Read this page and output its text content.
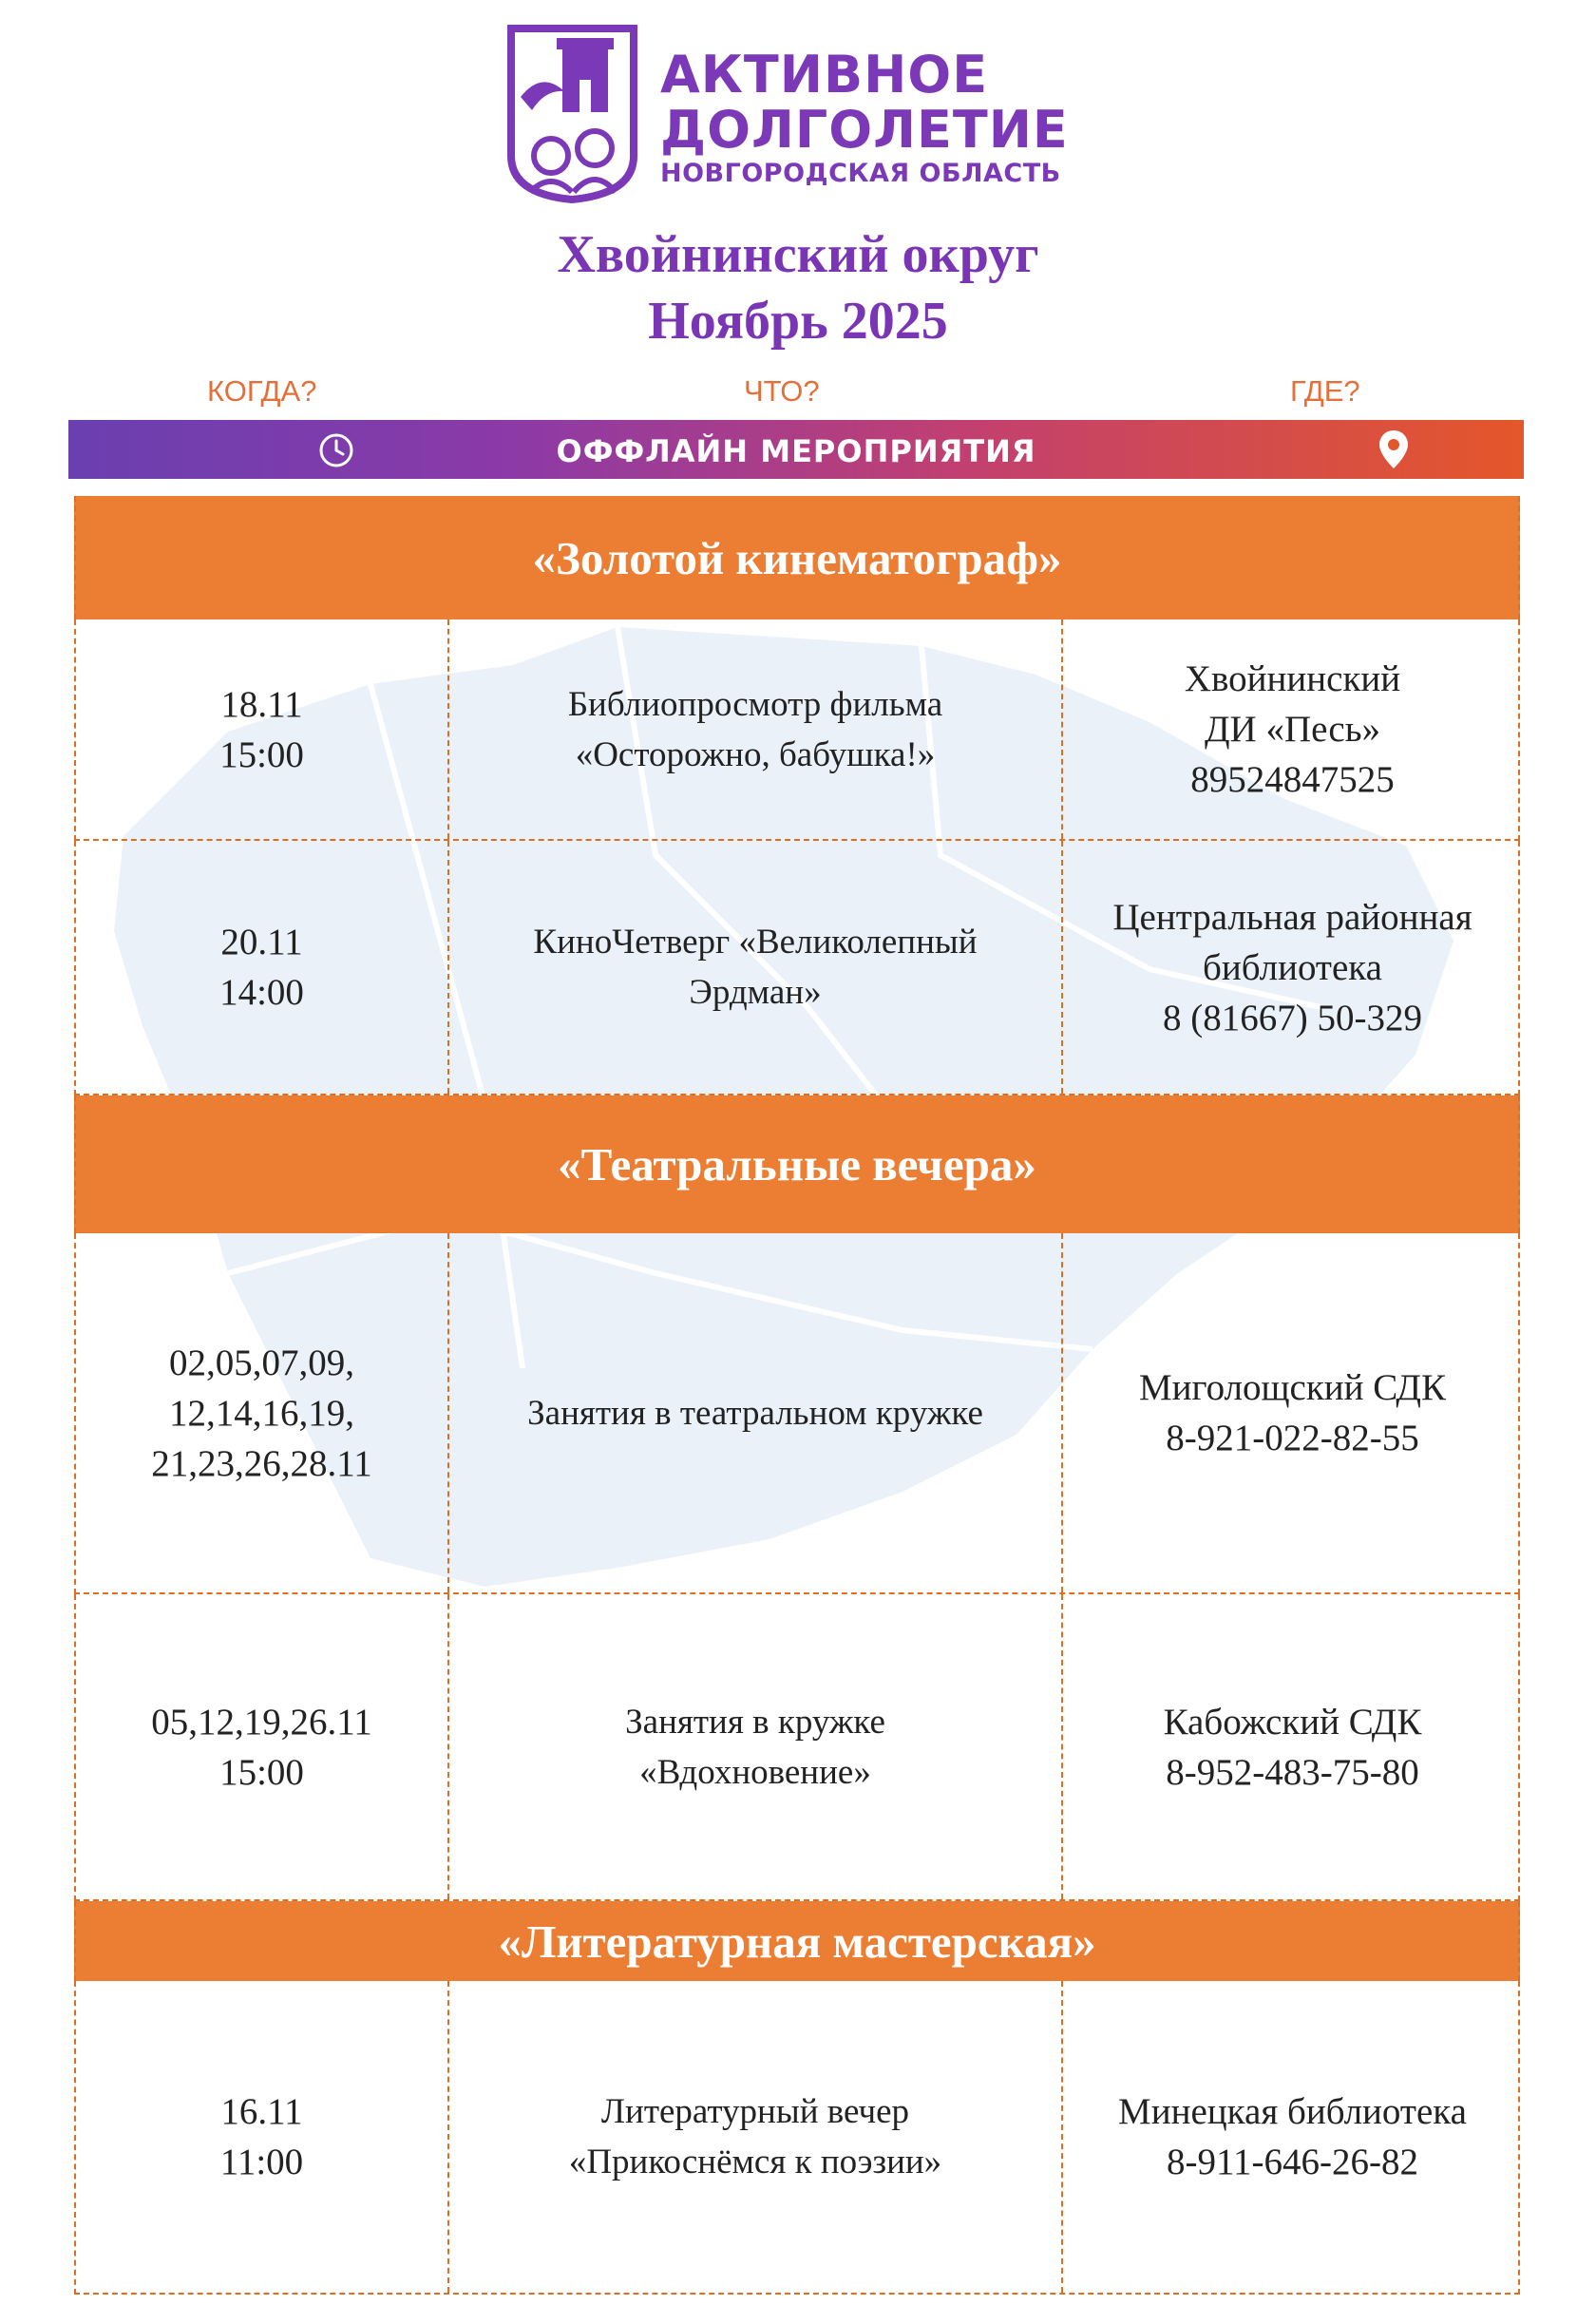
АКТИВНОЕ
ДОЛГОЛЕТИЕ
НОВГОРОДСКАЯ ОБЛАСТЬ
Хвойнинский округ
Ноябрь 2025
КОГДА?	ЧТО?	ГДЕ?
ОФФЛАЙН МЕРОПРИЯТИЯ
«Золотой кинематограф»
18.11
15:00
Библиопросмотр фильма
«Осторожно, бабушка!»
Хвойнинский
ДИ «Песь»
89524847525
20.11
14:00
КиноЧетверг «Великолепный
Эрдман»
Центральная районная
библиотека
8 (81667) 50-329
«Театральные вечера»
02,05,07,09,
12,14,16,19,
21,23,26,28.11
Занятия в театральном кружке
Миголощский СДК
8-921-022-82-55
05,12,19,26.11
15:00
Занятия в кружке
«Вдохновение»
Кабожский СДК
8-952-483-75-80
«Литературная мастерская»
16.11
11:00
Литературный вечер
«Прикоснёмся к поэзии»
Минецкая библиотека
8-911-646-26-82
